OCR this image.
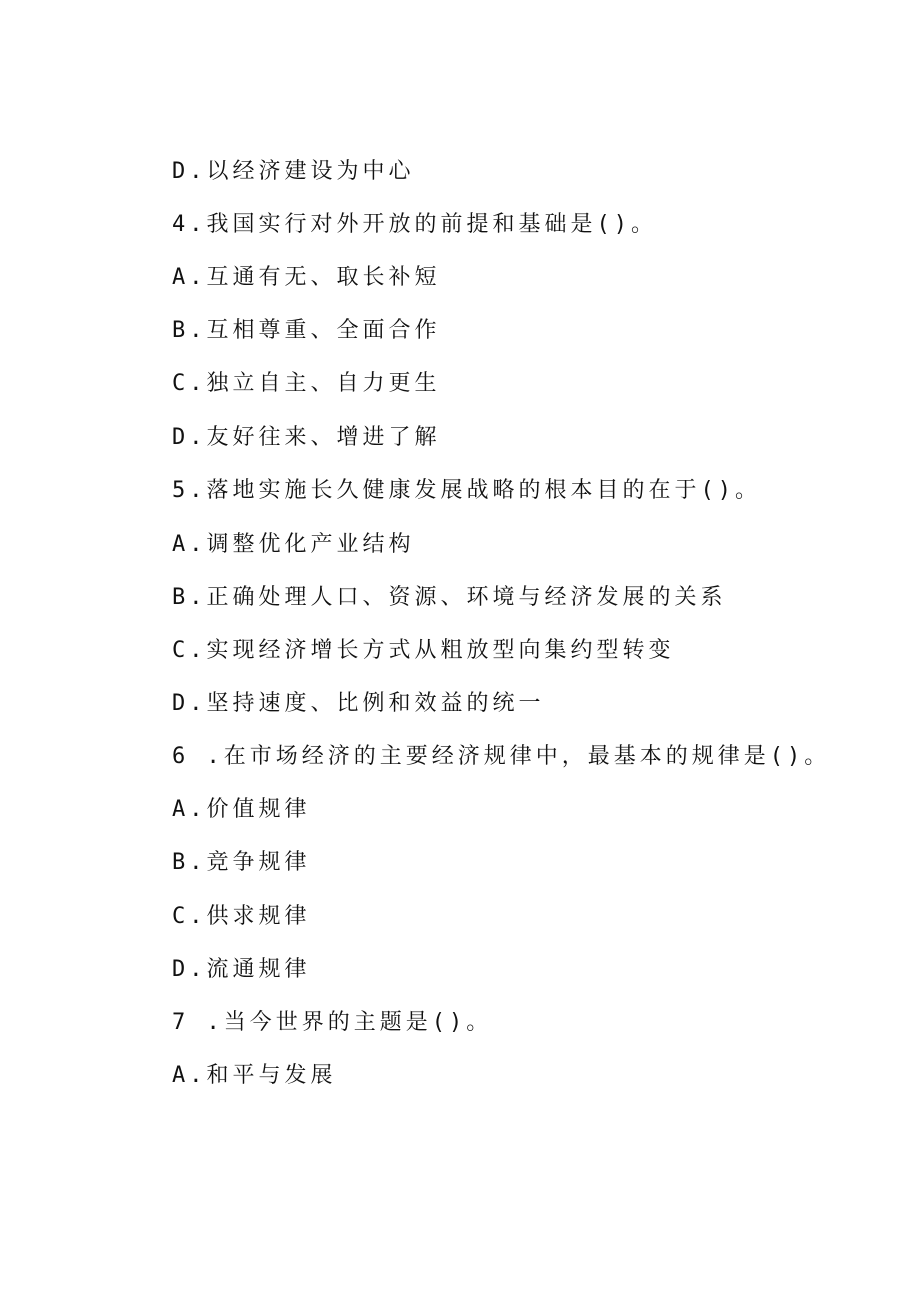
D.以经济建设为中心
4.我国实行对外开放的前提和基础是()。
A.互通有无、取长补短
B.互相尊重、全面合作
C.独立自主、自力更生
D.友好往来、增进了解
5.落地实施长久健康发展战略的根本目的在于()。
A.调整优化产业结构
B.正确处理人口、资源、环境与经济发展的关系
C.实现经济增长方式从粗放型向集约型转变
D.坚持速度、比例和效益的统一
6 .在市场经济的主要经济规律中，最基本的规律是()。
A.价值规律
B.竞争规律
C.供求规律
D.流通规律
7 .当今世界的主题是()。
A.和平与发展
